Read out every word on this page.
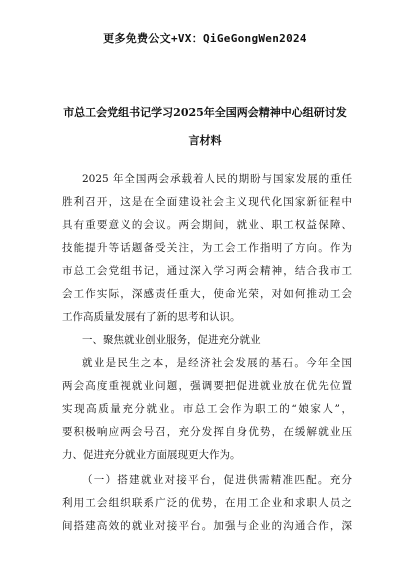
更多免费公文+VX：QiGeGongWen2024
市总工会党组书记学习2025年全国两会精神中心组研讨发
言材料
2025 年全国两会承载着人民的期盼与国家发展的重任
胜利召开，这是在全面建设社会主义现代化国家新征程中
具有重要意义的会议。两会期间，就业、职工权益保障、
技能提升等话题备受关注，为工会工作指明了方向。作为
市总工会党组书记，通过深入学习两会精神，结合我市工
会工作实际，深感责任重大，使命光荣，对如何推动工会
工作高质量发展有了新的思考和认识。
一、聚焦就业创业服务，促进充分就业
就业是民生之本，是经济社会发展的基石。今年全国
两会高度重视就业问题，强调要把促进就业放在优先位置
实现高质量充分就业。市总工会作为职工的“娘家人”，
要积极响应两会号召，充分发挥自身优势，在缓解就业压
力、促进充分就业方面展现更大作为。
（一）搭建就业对接平台，促进供需精准匹配。充分
利用工会组织联系广泛的优势，在用工企业和求职人员之
间搭建高效的就业对接平台。加强与企业的沟通合作，深
